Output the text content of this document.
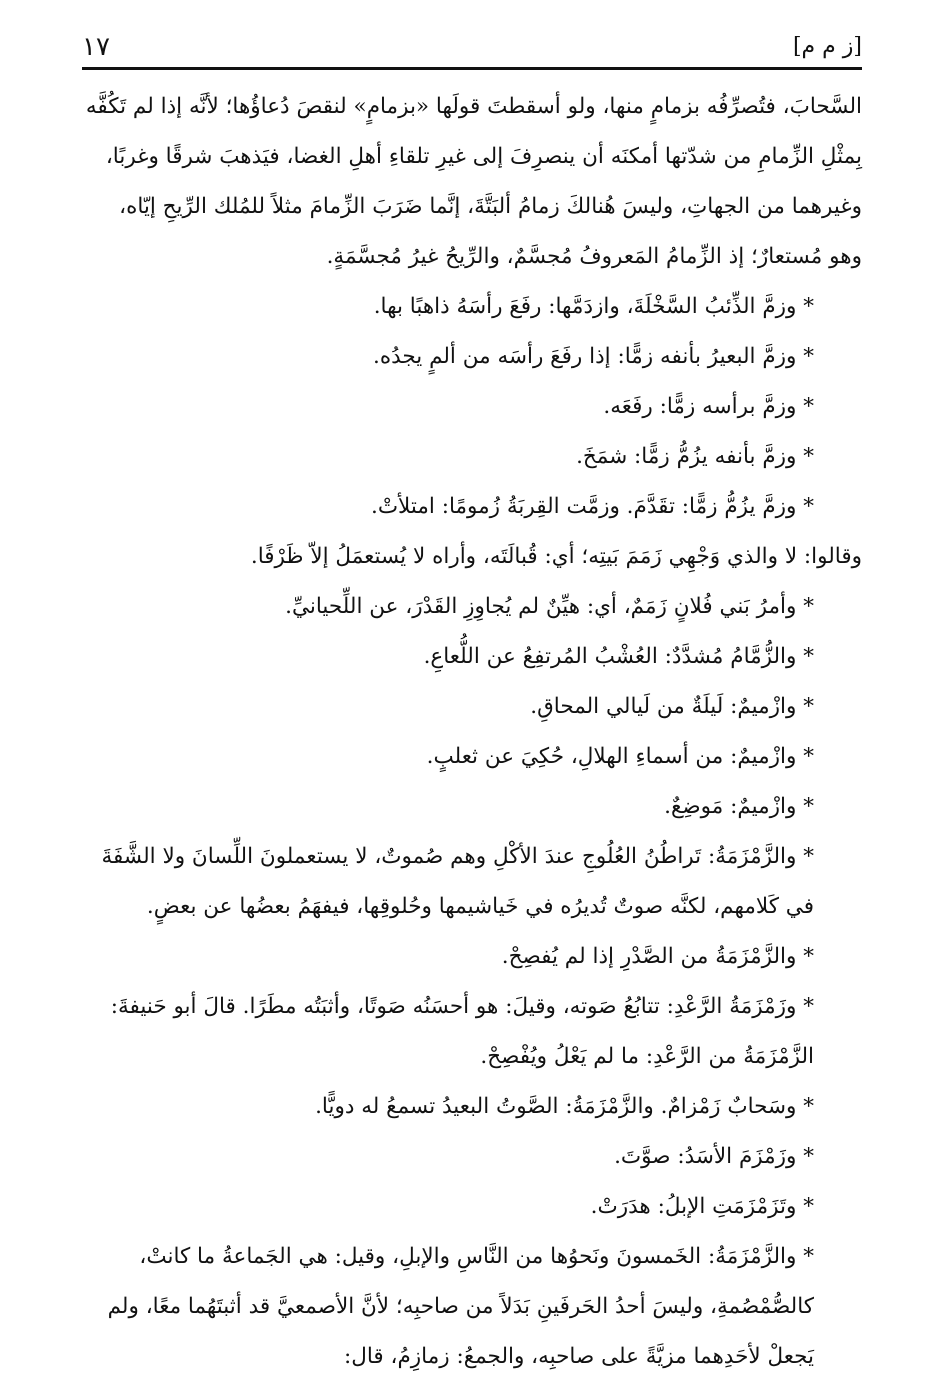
١٧	[ز م م]

السَّحابَ، فتُصرِّفُه بزمامٍ منها، ولو أسقطتَ قولَها «بزمامٍ» لنقصَ دُعاؤُها؛ لأنَّه إذا لم تَكُفَّه
بِمثْلِ الزِّمامِ من شدّتها أمكنَه أن ينصرِفَ إلى غيرِ تلقاءِ أهلِ الغضا، فيَذهبَ شرقًا وغربًا،
وغيرهما من الجهاتِ، وليسَ هُنالكَ زمامُ ألبَتَّةَ، إنَّما ضَرَبَ الزِّمامَ مثلاً للمُلك الرِّيحِ إيّاه،
وهو مُستعارٌ؛ إذ الزِّمامُ المَعروفُ مُجسَّمٌ، والرِّيحُ غيرُ مُجسَّمَةٍ.

* وزمَّ الذِّئبُ السَّخْلَةَ، وازدَمَّها: رفَعَ رأسَهُ ذاهبًا بها.

* وزمَّ البعيرُ بأنفه زمًّا: إذا رفَعَ رأسَه من ألمٍ يجدُه.

* وزمَّ برأسه زمًّا: رفَعَه.

* وزمَّ بأنفه يزُمُّ زمًّا: شمَخَ.

* وزمَّ يزُمُّ زمًّا: تقَدَّمَ. وزمَّت القِربَةُ زُمومًا: امتلأتْ.

وقالوا: لا والذي وَجْهِي زَمَمَ بَيتِه؛ أي: قُبالَتَه، وأراه لا يُستعمَلُ إلاّ ظَرْفًا.

* وأمرُ بَني فُلانٍ زَمَمٌ، أي: هيِّنٌ لم يُجاوِزِ القَدْرَ، عن اللِّحيانيِّ.

* والزُّمَّامُ مُشدَّدٌ: العُشْبُ المُرتفِعُ عن اللُّعاعِ.

* وازْميمٌ: لَيلَةٌ من لَيالي المحاقِ.

* وازْميمٌ: من أسماءِ الهلالِ، حُكِيَ عن ثعلبٍ.

* وازْميمٌ: مَوضِعٌ.

* والزَّمْزَمَةُ: تَراطُنُ العُلُوجِ عندَ الأكْلِ وهم صُموتٌ، لا يستعملونَ اللِّسانَ ولا الشَّفَةَ
في كَلامهم، لكنَّه صوتٌ تُديرُه في خَياشيمها وحُلوقِها، فيفهَمُ بعضُها عن بعضٍ.

* والزَّمْزَمَةُ من الصَّدْرِ إذا لم يُفصِحْ.

* وزَمْزَمَةُ الرَّعْدِ: تتابُعُ صَوته، وقيلَ: هو أحسَنُه صَوتًا، وأثبَتُه مطَرًا. قالَ أبو حَنيفةَ:
الزَّمْزَمَةُ من الرَّعْدِ: ما لم يَعْلُ ويُفْصِحْ.

* وسَحابٌ زَمْزامٌ. والزَّمْزَمَةُ: الصَّوتُ البعيدُ تسمعُ له دويًّا.

* وزَمْزَمَ الأسَدُ: صوَّتَ.

* وتَزَمْزَمَتِ الإبلُ: هدَرَتْ.

* والزَّمْزَمَةُ: الخَمسونَ ونَحوُها من النَّاسِ والإبلِ، وقيل: هي الجَماعةُ ما كانتْ،
كالصُّمْصُمةِ، وليسَ أحدُ الحَرفَينِ بَدَلاً من صاحبِه؛ لأنَّ الأصمعيَّ قد أثبتَهُما معًا، ولم
يَجعلْ لأحَدِهما مزيَّةً على صاحبِه، والجمعُ: زمازِمُ، قال:
